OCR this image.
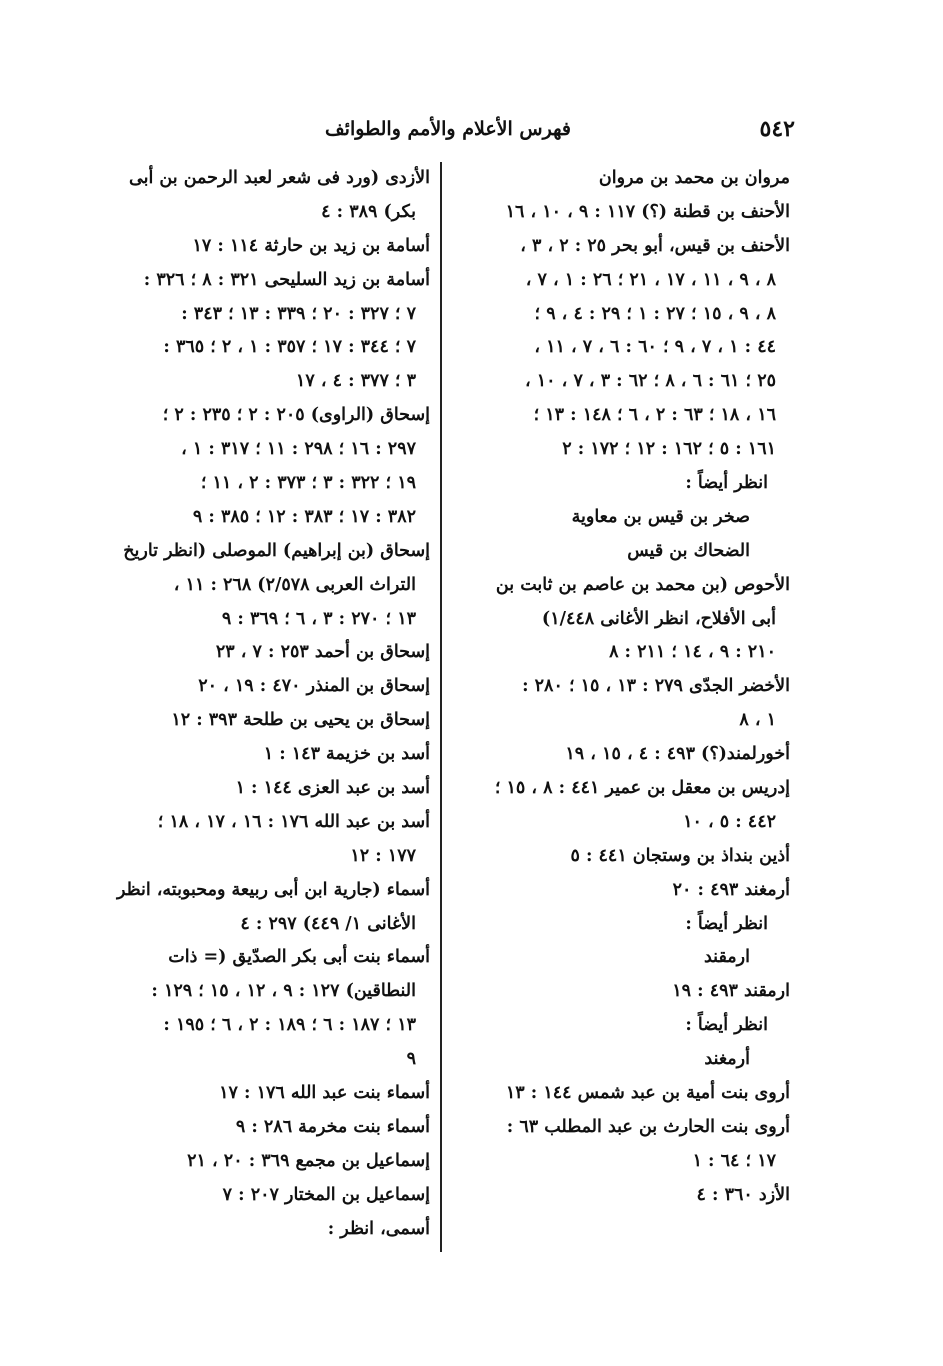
٥٤٢
فهرس الأعلام والأمم والطوائف
مروان بن محمد بن مروان
الأحنف بن قطنة (؟) ١١٧ : ٩ ، ١٠ ، ١٦
الأحنف بن قيس، أبو بحر ٢٥ : ٢ ، ٣ ،
٨ ، ٩ ، ١١ ، ١٧ ، ٢١ ؛ ٢٦ : ١ ، ٧ ،
٨ ، ٩ ، ١٥ ؛ ٢٧ : ١ ؛ ٢٩ : ٤ ، ٩ ؛
٤٤ : ١ ، ٧ ، ٩ ؛ ٦٠ : ٦ ، ٧ ، ١١ ،
٢٥ ؛ ٦١ : ٦ ، ٨ ؛ ٦٢ : ٣ ، ٧ ، ١٠ ،
١٦ ، ١٨ ؛ ٦٣ : ٢ ، ٦ ؛ ١٤٨ : ١٣ ؛
١٦١ : ٥ ؛ ١٦٢ : ١٢ ؛ ١٧٢ : ٢
انظر أيضاً :
صخر بن قيس بن معاوية
الضحاك بن قيس
الأحوص (بن محمد بن عاصم بن ثابت بن
أبى الأفلاح، انظر الأغانى ١/٤٤٨)
٢١٠ : ٩ ، ١٤ ؛ ٢١١ : ٨
الأخضر الجدّى ٢٧٩ : ١٣ ، ١٥ ؛ ٢٨٠ :
١ ، ٨
أخورلمند(؟) ٤٩٣ : ٤ ، ١٥ ، ١٩
إدريس بن معقل بن عمير ٤٤١ : ٨ ، ١٥ ؛
٤٤٢ : ٥ ، ١٠
أذين بنداذ بن وستجان ٤٤١ : ٥
أرمغند ٤٩٣ : ٢٠
انظر أيضاً :
ارمقند
ارمقند ٤٩٣ : ١٩
انظر أيضاً :
أرمغند
أروى بنت أمية بن عبد شمس ١٤٤ : ١٣
أروى بنت الحارث بن عبد المطلب ٦٣ :
١٧ ؛ ٦٤ : ١
الأزد ٣٦٠ : ٤
الأزدى (ورد فى شعر لعبد الرحمن بن أبى
بكر) ٣٨٩ : ٤
أسامة بن زيد بن حارثة ١١٤ : ١٧
أسامة بن زيد السليحى ٣٢١ : ٨ ؛ ٣٢٦ :
٧ ؛ ٣٢٧ : ٢٠ ؛ ٣٣٩ : ١٣ ؛ ٣٤٣ :
٧ ؛ ٣٤٤ : ١٧ ؛ ٣٥٧ : ١ ، ٢ ؛ ٣٦٥ :
٣ ؛ ٣٧٧ : ٤ ، ١٧
إسحاق (الراوى) ٢٠٥ : ٢ ؛ ٢٣٥ : ٢ ؛
٢٩٧ : ١٦ ؛ ٢٩٨ : ١١ ؛ ٣١٧ : ١ ،
١٩ ؛ ٣٢٢ : ٣ ؛ ٣٧٣ : ٢ ، ١١ ؛
٣٨٢ : ١٧ ؛ ٣٨٣ : ١٢ ؛ ٣٨٥ : ٩
إسحاق (بن إبراهيم) الموصلى (انظر تاريخ
التراث العربى ٢/٥٧٨) ٢٦٨ : ١١ ،
١٣ ؛ ٢٧٠ : ٣ ، ٦ ؛ ٣٦٩ : ٩
إسحاق بن أحمد ٢٥٣ : ٧ ، ٢٣
إسحاق بن المنذر ٤٧٠ : ١٩ ، ٢٠
إسحاق بن يحيى بن طلحة ٣٩٣ : ١٢
أسد بن خزيمة ١٤٣ : ١
أسد بن عبد العزى ١٤٤ : ١
أسد بن عبد الله ١٧٦ : ١٦ ، ١٧ ، ١٨ ؛
١٧٧ : ١٢
أسماء (جارية ابن أبى ربيعة ومحبوبته، انظر
الأغانى ١/ ٤٤٩) ٢٩٧ : ٤
أسماء بنت أبى بكر الصدّيق (= ذات
النطاقين) ١٢٧ : ٩ ، ١٢ ، ١٥ ؛ ١٢٩ :
١٣ ؛ ١٨٧ : ٦ ؛ ١٨٩ : ٢ ، ٦ ؛ ١٩٥ :
٩
أسماء بنت عبد الله ١٧٦ : ١٧
أسماء بنت مخرمة ٢٨٦ : ٩
إسماعيل بن مجمع ٣٦٩ : ٢٠ ، ٢١
إسماعيل بن المختار ٢٠٧ : ٧
أسمى، انظر :
